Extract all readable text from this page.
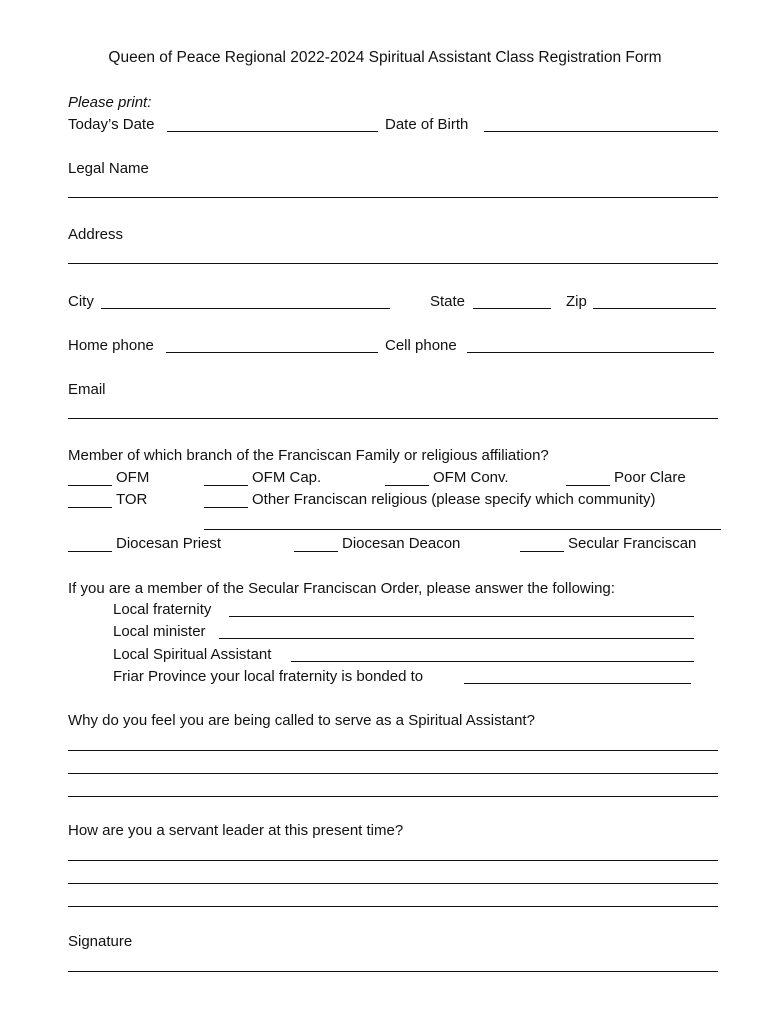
Queen of Peace Regional 2022-2024 Spiritual Assistant Class Registration Form
Please print:
Today’s Date	Date of Birth
Legal Name
Address
City	State	Zip
Home phone	Cell phone
Email
Member of which branch of the Franciscan Family or religious affiliation?
OFM	OFM Cap.	OFM Conv.	Poor Clare
TOR	Other Franciscan religious (please specify which community)
Diocesan Priest	Diocesan Deacon	Secular Franciscan
If you are a member of the Secular Franciscan Order, please answer the following:
Local fraternity
Local minister
Local Spiritual Assistant
Friar Province your local fraternity is bonded to
Why do you feel you are being called to serve as a Spiritual Assistant?
How are you a servant leader at this present time?
Signature
